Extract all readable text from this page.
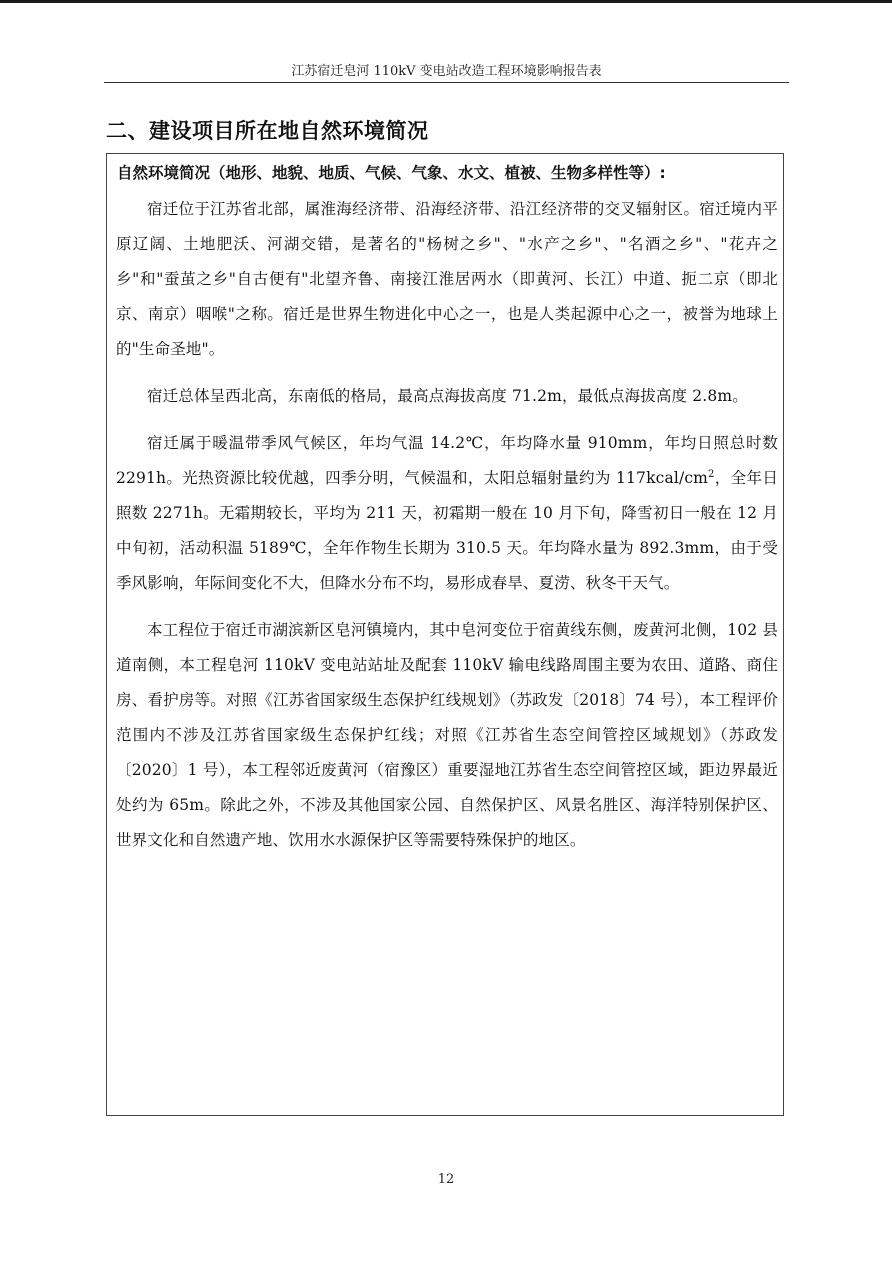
江苏宿迁皂河 110kV 变电站改造工程环境影响报告表
二、建设项目所在地自然环境简况
自然环境简况（地形、地貌、地质、气候、气象、水文、植被、生物多样性等）:

宿迁位于江苏省北部，属淮海经济带、沿海经济带、沿江经济带的交叉辐射区。宿迁境内平原辽阔、土地肥沃、河湖交错，是著名的"杨树之乡"、"水产之乡"、"名酒之乡"、"花卉之乡"和"蚕茧之乡"自古便有"北望齐鲁、南接江淮居两水（即黄河、长江）中道、扼二京（即北京、南京）咽喉"之称。宿迁是世界生物进化中心之一，也是人类起源中心之一，被誉为地球上的"生命圣地"。

宿迁总体呈西北高，东南低的格局，最高点海拔高度 71.2m，最低点海拔高度 2.8m。

宿迁属于暖温带季风气候区，年均气温 14.2℃，年均降水量 910mm，年均日照总时数 2291h。光热资源比较优越，四季分明，气候温和，太阳总辐射量约为 $117kcal/cm^2$，全年日照数 2271h。无霜期较长，平均为 211 天，初霜期一般在 10 月下旬，降雪初日一般在 12 月中旬初，活动积温 5189℃，全年作物生长期为 310.5 天。年均降水量为 892.3mm，由于受季风影响，年际间变化不大，但降水分布不均，易形成春旱、夏涝、秋冬干天气。

本工程位于宿迁市湖滨新区皂河镇境内，其中皂河变位于宿黄线东侧，废黄河北侧，102 县道南侧，本工程皂河 110kV 变电站站址及配套 110kV 输电线路周围主要为农田、道路、商住房、看护房等。对照《江苏省国家级生态保护红线规划》（苏政发〔2018〕74 号），本工程评价范围内不涉及江苏省国家级生态保护红线；对照《江苏省生态空间管控区域规划》（苏政发〔2020〕1 号），本工程邻近废黄河（宿豫区）重要湿地江苏省生态空间管控区域，距边界最近处约为 65m。除此之外，不涉及其他国家公园、自然保护区、风景名胜区、海洋特别保护区、世界文化和自然遗产地、饮用水水源保护区等需要特殊保护的地区。

12
